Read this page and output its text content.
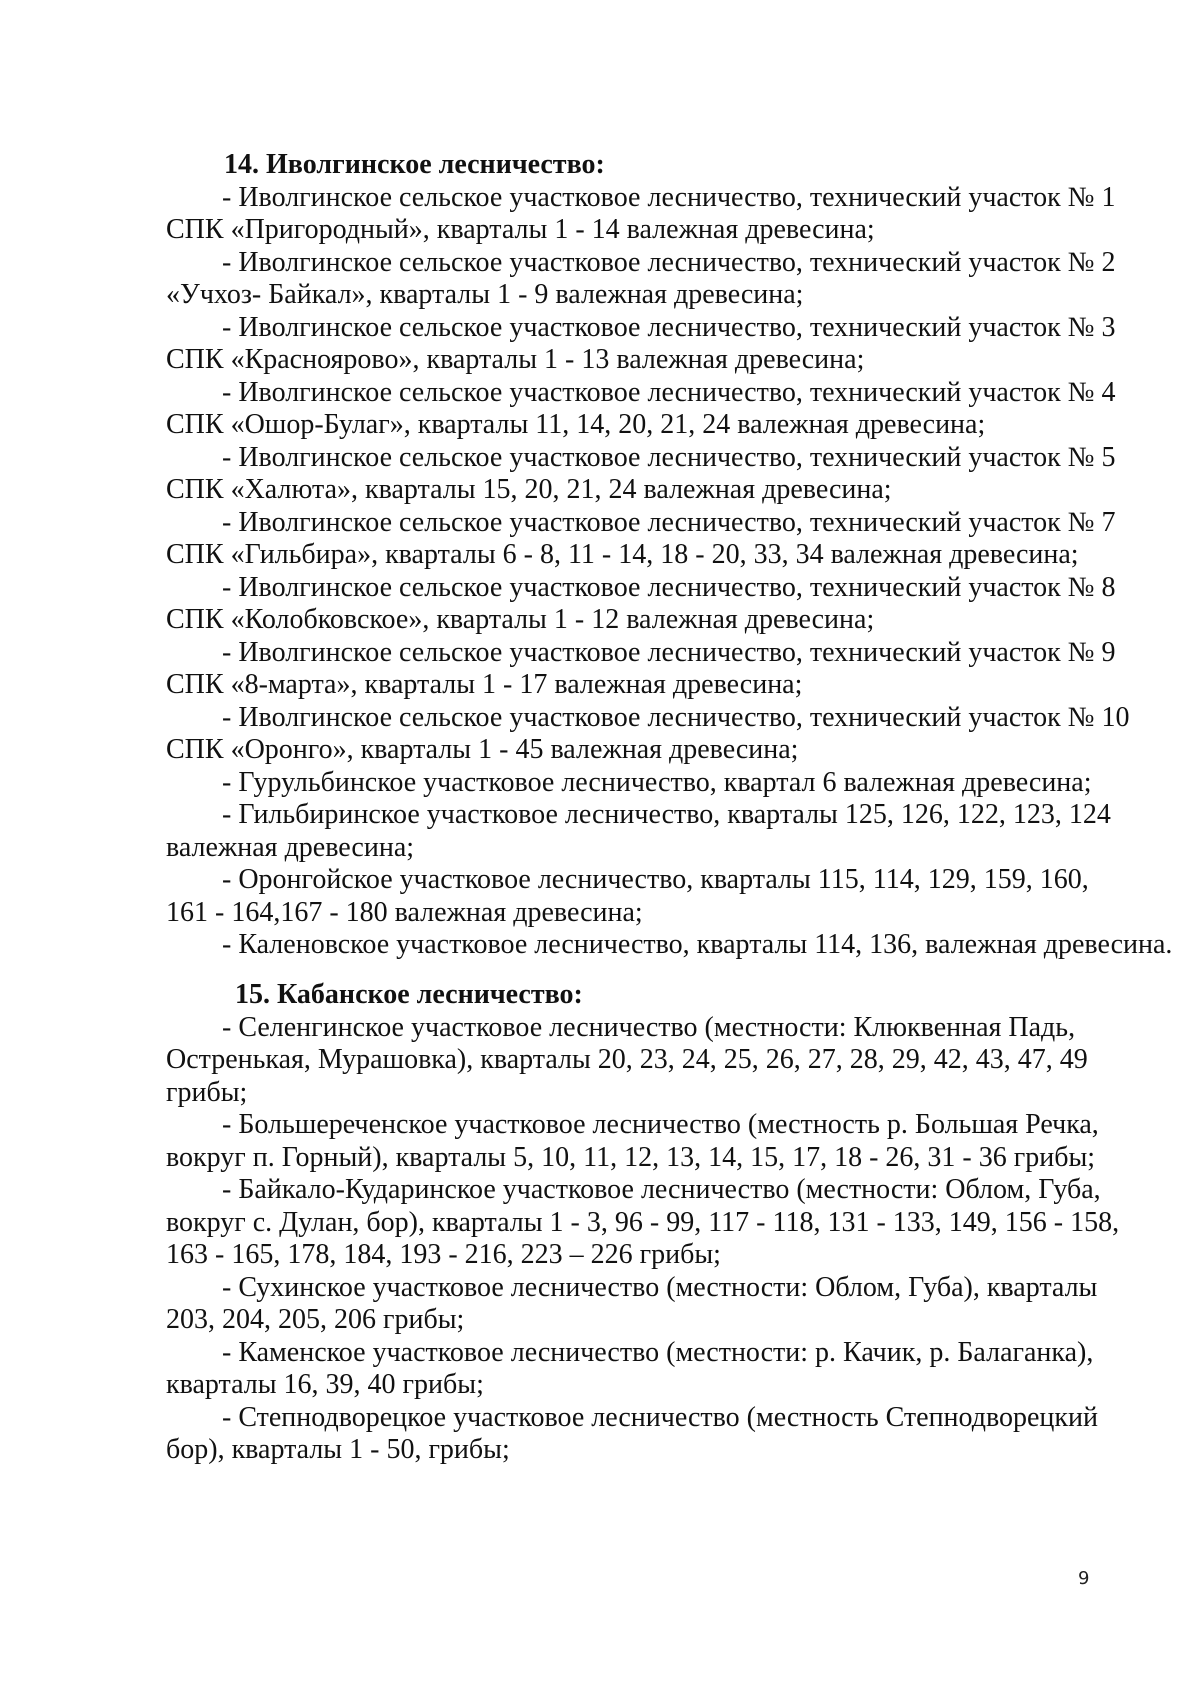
14. Иволгинское лесничество:
- Иволгинское сельское участковое лесничество, технический участок № 1
СПК «Пригородный», кварталы 1 - 14 валежная древесина;
- Иволгинское сельское участковое лесничество, технический участок № 2
«Учхоз- Байкал», кварталы 1 - 9 валежная древесина;
- Иволгинское сельское участковое лесничество, технический участок № 3
СПК «Красноярово», кварталы 1 - 13 валежная древесина;
- Иволгинское сельское участковое лесничество, технический участок № 4
СПК «Ошор-Булаг», кварталы 11, 14, 20, 21, 24 валежная древесина;
- Иволгинское сельское участковое лесничество, технический участок № 5
СПК «Халюта», кварталы 15, 20, 21, 24 валежная древесина;
- Иволгинское сельское участковое лесничество, технический участок № 7
СПК «Гильбира», кварталы 6 - 8, 11 - 14, 18 - 20, 33, 34 валежная древесина;
- Иволгинское сельское участковое лесничество, технический участок № 8
СПК «Колобковское», кварталы 1 - 12 валежная древесина;
- Иволгинское сельское участковое лесничество, технический участок № 9
СПК «8-марта», кварталы 1 - 17 валежная древесина;
- Иволгинское сельское участковое лесничество, технический участок № 10
СПК «Оронго», кварталы 1 - 45 валежная древесина;
- Гурульбинское участковое лесничество, квартал 6 валежная древесина;
- Гильбиринское участковое лесничество, кварталы 125, 126, 122, 123, 124
валежная древесина;
- Оронгойское участковое лесничество, кварталы 115, 114, 129, 159, 160,
161 - 164,167 - 180 валежная древесина;
- Каленовское участковое лесничество, кварталы 114, 136, валежная древесина.
15. Кабанское лесничество:
- Селенгинское участковое лесничество (местности: Клюквенная Падь,
Остренькая, Мурашовка), кварталы 20, 23, 24, 25, 26, 27, 28, 29, 42, 43, 47, 49
грибы;
- Большереченское участковое лесничество (местность р. Большая Речка,
вокруг п. Горный), кварталы 5, 10, 11, 12, 13, 14, 15, 17, 18 - 26, 31 - 36 грибы;
- Байкало-Кударинское участковое лесничество (местности: Облом, Губа,
вокруг с. Дулан, бор), кварталы 1 - 3, 96 - 99, 117 - 118, 131 - 133, 149, 156 - 158,
163 - 165, 178, 184, 193 - 216, 223 – 226 грибы;
- Сухинское участковое лесничество (местности: Облом, Губа), кварталы
203, 204, 205, 206 грибы;
- Каменское участковое лесничество (местности: р. Качик, р. Балаганка),
кварталы 16, 39, 40 грибы;
- Степнодворецкое участковое лесничество (местность Степнодворецкий
бор), кварталы 1 - 50, грибы;
9
